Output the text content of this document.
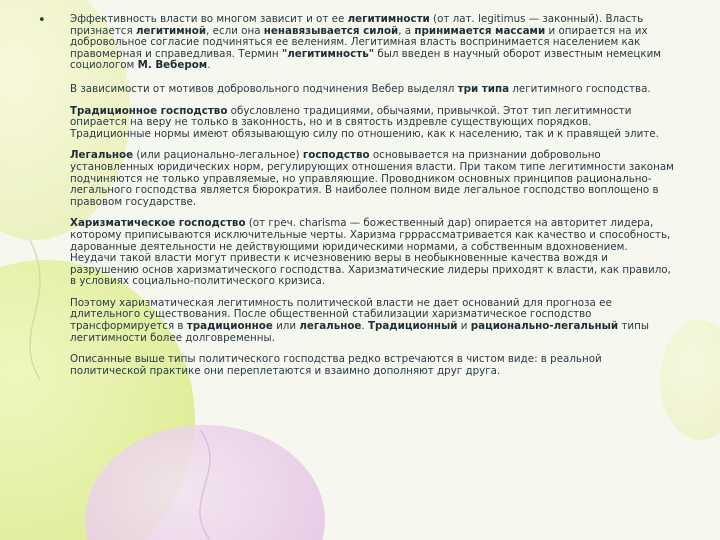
• Эффективность власти во многом зависит и от ее легитимности (от лат. legitimus — законный). Власть признается легитимной, если она ненавязывается силой, а принимается массами и опирается на их добровольное согласие подчиняться ее велениям. Легитимная власть воспринимается населением как правомерная и справедливая. Термин "легитимность" был введен в научный оборот известным немецким социологом М. Вебером.

В зависимости от мотивов добровольного подчинения Вебер выделял три типа легитимного господства.

Традиционное господство обусловлено традициями, обычаями, привычкой. Этот тип легитимности опирается на веру не только в законность, но и в святость издревле существующих порядков. Традиционные нормы имеют обязывающую силу по отношению, как к населению, так и к правящей элите.

Легальное (или рационально-легальное) господство основывается на признании добровольно установленных юридических норм, регулирующих отношения власти. При таком типе легитимности законам подчиняются не только управляемые, но управляющие. Проводником основных принципов рационально-легального господства является бюрократия. В наиболее полном виде легальное господство воплощено в правовом государстве.

Харизматическое господство (от греч. charisma — божественный дар) опирается на авторитет лидера, которому приписываются исключительные черты. Харизма грррассматривается как качество и способность, дарованные деятельности не действующими юридическими нормами, а собственным вдохновением. Неудачи такой власти могут привести к исчезновению веры в необыкновенные качества вождя и разрушению основ харизматического господства. Харизматические лидеры приходят к власти, как правило, в условиях социально-политического кризиса.

Поэтому харизматическая легитимность политической власти не дает оснований для прогноза ее длительного существования. После общественной стабилизации харизматическое господство трансформируется в традиционное или легальное. Традиционный и рационально-легальный типы легитимности более долговременны.

Описанные выше типы политического господства редко встречаются в чистом виде: в реальной политической практике они переплетаются и взаимно дополняют друг друга.
